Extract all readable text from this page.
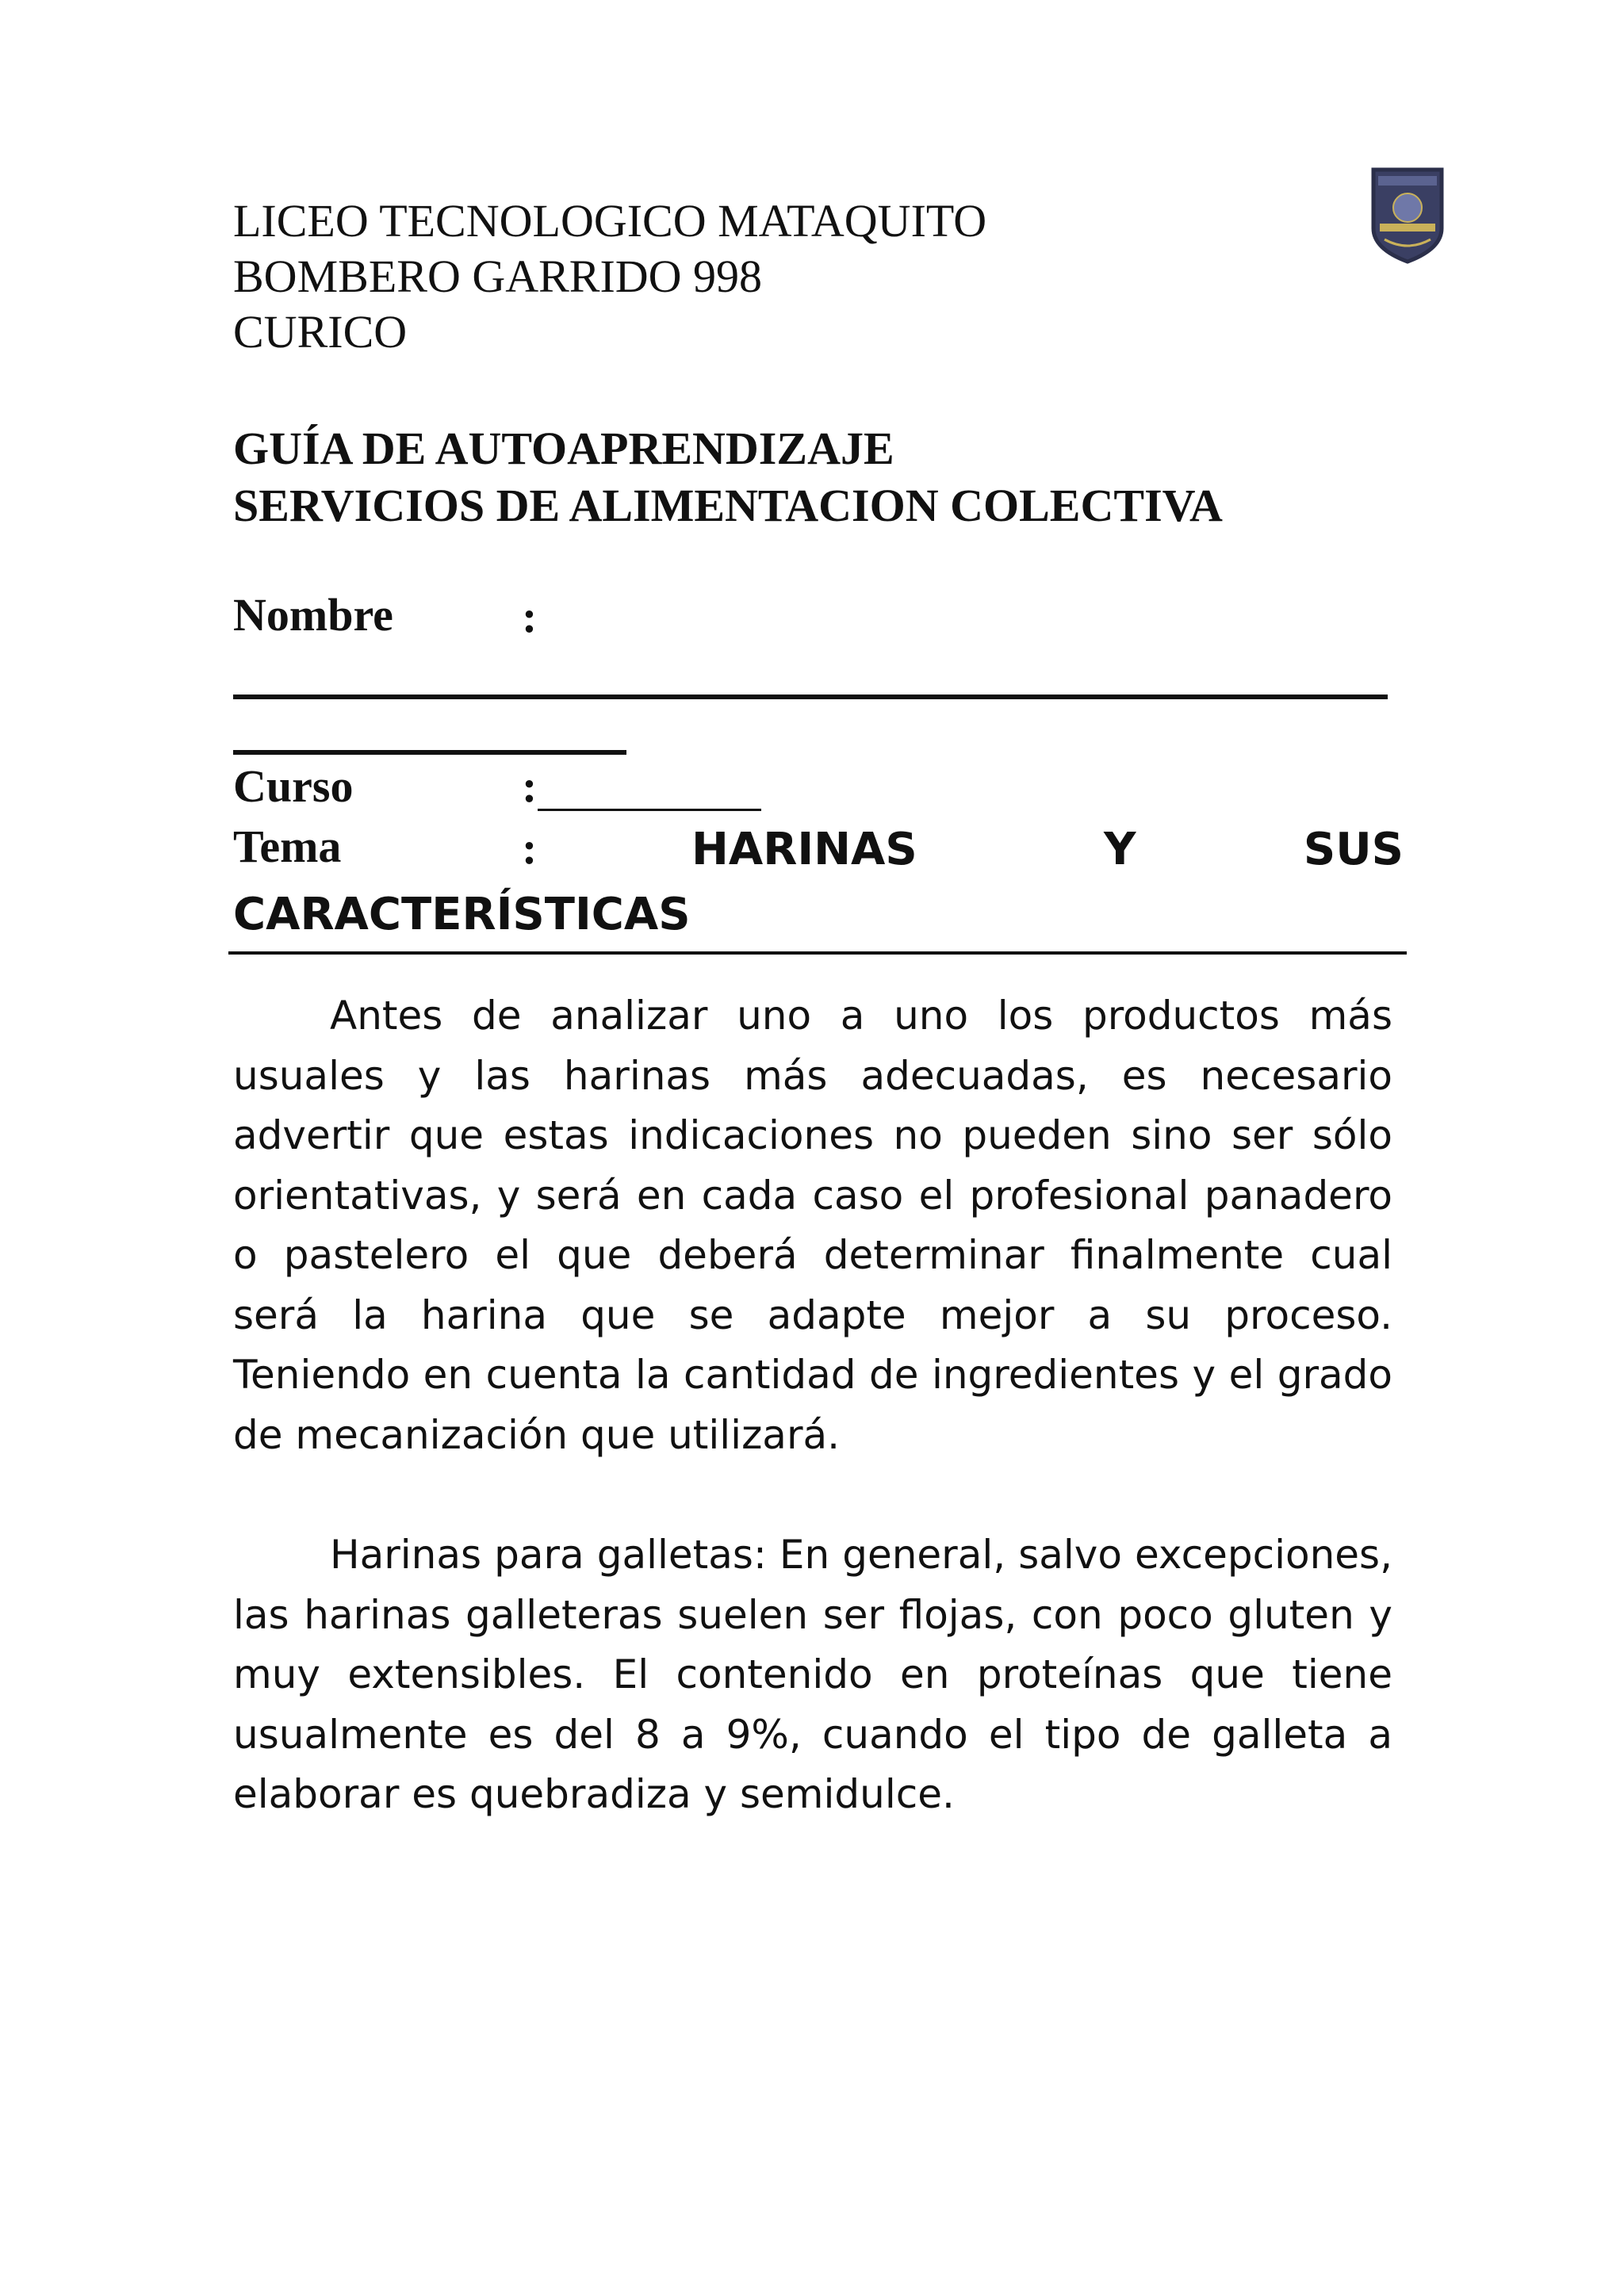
LICEO TECNOLOGICO MATAQUITO
BOMBERO GARRIDO 998
CURICO
GUÍA DE AUTOAPRENDIZAJE
SERVICIOS DE ALIMENTACION COLECTIVA
Nombre	:
Curso	:
Tema	:	HARINAS	Y	SUS
CARACTERÍSTICAS

Antes de analizar uno a uno los productos más usuales y las harinas más adecuadas, es necesario advertir que estas indicaciones no pueden sino ser sólo orientativas, y será en cada caso el profesional panadero o pastelero el que deberá determinar finalmente cual será la harina que se adapte mejor a su proceso. Teniendo en cuenta la cantidad de ingredientes y el grado de mecanización que utilizará.

Harinas para galletas: En general, salvo excepciones, las harinas galleteras suelen ser flojas, con poco gluten y muy extensibles. El contenido en proteínas que tiene usualmente es del 8 a 9%, cuando el tipo de galleta a elaborar es quebradiza y semidulce.
